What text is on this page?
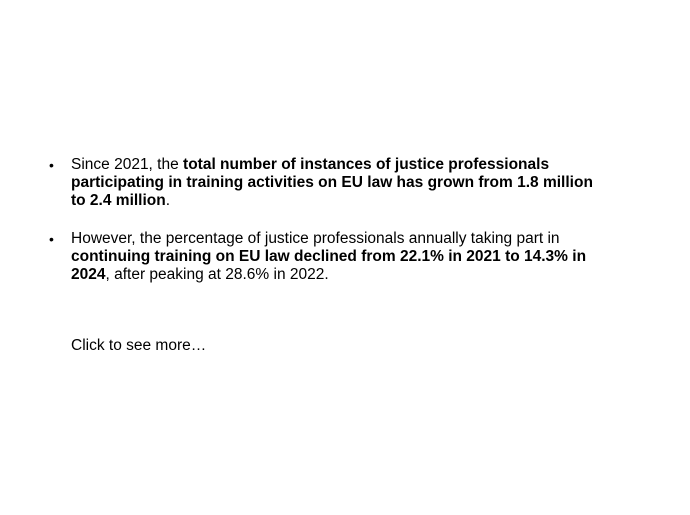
• Since 2021, the total number of instances of justice professionals
participating in training activities on EU law has grown from 1.8 million
to 2.4 million.
• However, the percentage of justice professionals annually taking part in
continuing training on EU law declined from 22.1% in 2021 to 14.3% in
2024, after peaking at 28.6% in 2022.
Click to see more…
